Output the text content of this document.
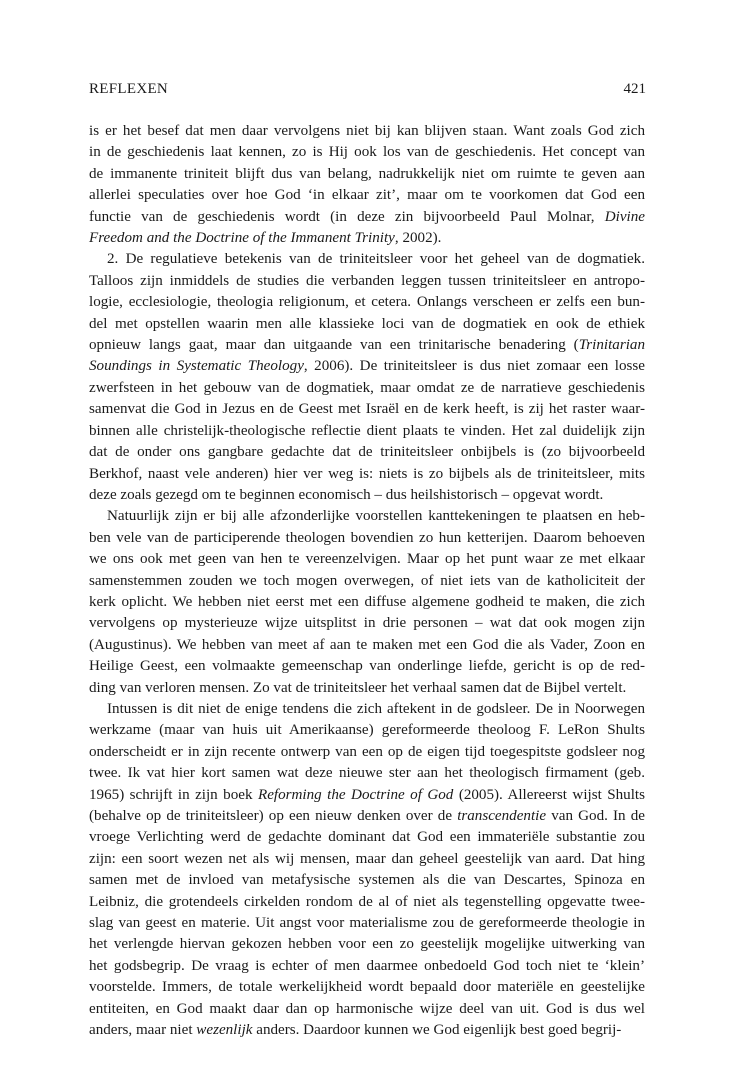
REFLEXEN	421
is er het besef dat men daar vervolgens niet bij kan blijven staan. Want zoals God zich
in de geschiedenis laat kennen, zo is Hij ook los van de geschiedenis. Het concept van
de immanente triniteit blijft dus van belang, nadrukkelijk niet om ruimte te geven aan
allerlei speculaties over hoe God ‘in elkaar zit’, maar om te voorkomen dat God een
functie van de geschiedenis wordt (in deze zin bijvoorbeeld Paul Molnar, Divine
Freedom and the Doctrine of the Immanent Trinity, 2002).
2. De regulatieve betekenis van de triniteitsleer voor het geheel van de dogmatiek.
Talloos zijn inmiddels de studies die verbanden leggen tussen triniteitsleer en antropo-
logie, ecclesiologie, theologia religionum, et cetera. Onlangs verscheen er zelfs een bun-
del met opstellen waarin men alle klassieke loci van de dogmatiek en ook de ethiek
opnieuw langs gaat, maar dan uitgaande van een trinitarische benadering (Trinitarian
Soundings in Systematic Theology, 2006). De triniteitsleer is dus niet zomaar een losse
zwerfsteen in het gebouw van de dogmatiek, maar omdat ze de narratieve geschiedenis
samenvat die God in Jezus en de Geest met Israël en de kerk heeft, is zij het raster waar-
binnen alle christelijk-theologische reflectie dient plaats te vinden. Het zal duidelijk zijn
dat de onder ons gangbare gedachte dat de triniteitsleer onbijbels is (zo bijvoorbeeld
Berkhof, naast vele anderen) hier ver weg is: niets is zo bijbels als de triniteitsleer, mits
deze zoals gezegd om te beginnen economisch – dus heilshistorisch – opgevat wordt.
Natuurlijk zijn er bij alle afzonderlijke voorstellen kanttekeningen te plaatsen en heb-
ben vele van de participerende theologen bovendien zo hun ketterijen. Daarom behoeven
we ons ook met geen van hen te vereenzelvigen. Maar op het punt waar ze met elkaar
samenstemmen zouden we toch mogen overwegen, of niet iets van de katholiciteit der
kerk oplicht. We hebben niet eerst met een diffuse algemene godheid te maken, die zich
vervolgens op mysterieuze wijze uitsplitst in drie personen – wat dat ook mogen zijn
(Augustinus). We hebben van meet af aan te maken met een God die als Vader, Zoon en
Heilige Geest, een volmaakte gemeenschap van onderlinge liefde, gericht is op de red-
ding van verloren mensen. Zo vat de triniteitsleer het verhaal samen dat de Bijbel vertelt.
Intussen is dit niet de enige tendens die zich aftekent in de godsleer. De in Noorwegen
werkzame (maar van huis uit Amerikaanse) gereformeerde theoloog F. LeRon Shults
onderscheidt er in zijn recente ontwerp van een op de eigen tijd toegespitste godsleer nog
twee. Ik vat hier kort samen wat deze nieuwe ster aan het theologisch firmament (geb.
1965) schrijft in zijn boek Reforming the Doctrine of God (2005). Allereerst wijst Shults
(behalve op de triniteitsleer) op een nieuw denken over de transcendentie van God. In de
vroege Verlichting werd de gedachte dominant dat God een immateriële substantie zou
zijn: een soort wezen net als wij mensen, maar dan geheel geestelijk van aard. Dat hing
samen met de invloed van metafysische systemen als die van Descartes, Spinoza en
Leibniz, die grotendeels cirkelden rondom de al of niet als tegenstelling opgevatte twee-
slag van geest en materie. Uit angst voor materialisme zou de gereformeerde theologie in
het verlengde hiervan gekozen hebben voor een zo geestelijk mogelijke uitwerking van
het godsbegrip. De vraag is echter of men daarmee onbedoeld God toch niet te ‘klein’
voorstelde. Immers, de totale werkelijkheid wordt bepaald door materiële en geestelijke
entiteiten, en God maakt daar dan op harmonische wijze deel van uit. God is dus wel
anders, maar niet wezenlijk anders. Daardoor kunnen we God eigenlijk best goed begrij-
